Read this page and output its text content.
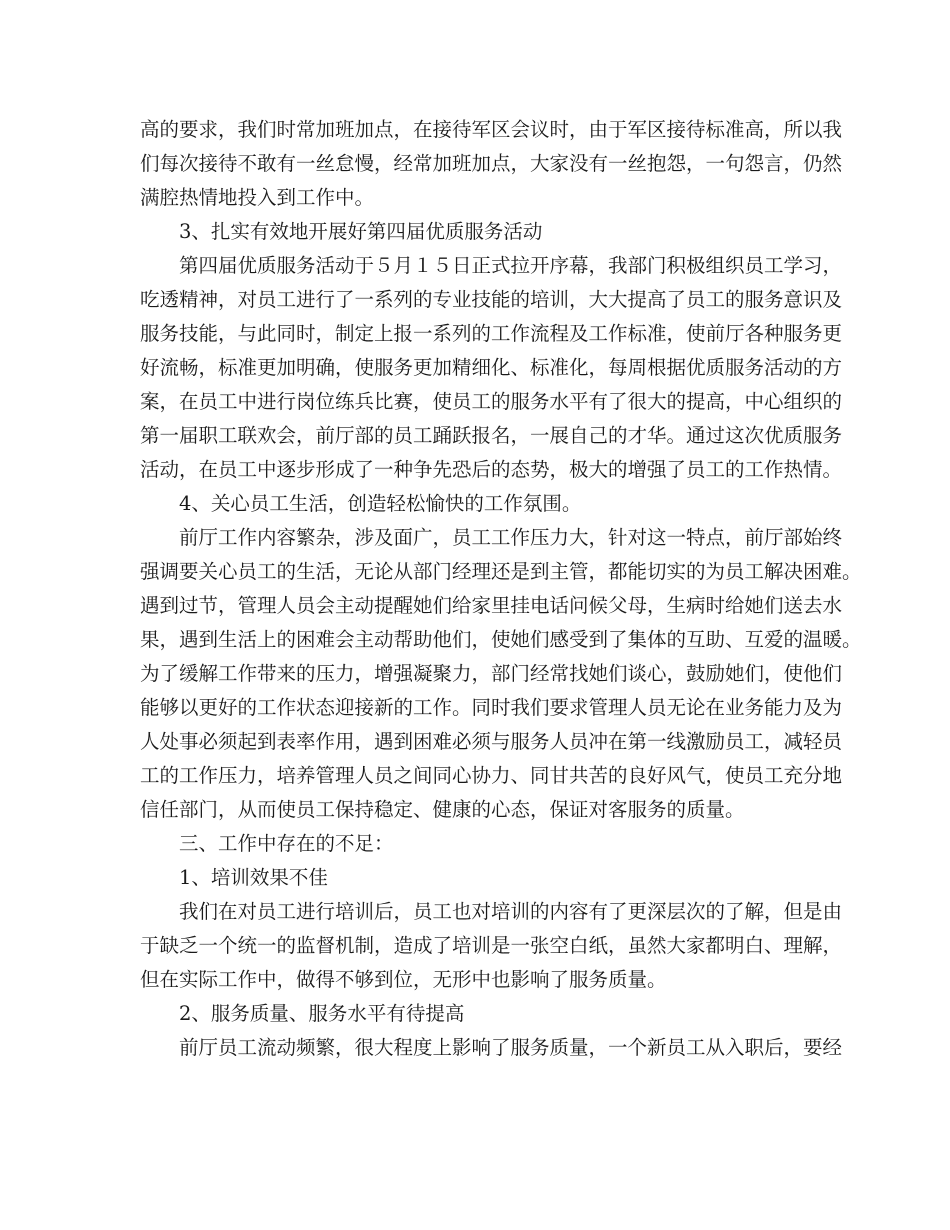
高的要求，我们时常加班加点，在接待军区会议时，由于军区接待标准高，所以我
们每次接待不敢有一丝怠慢，经常加班加点，大家没有一丝抱怨，一句怨言，仍然
满腔热情地投入到工作中。

3、扎实有效地开展好第四届优质服务活动

第四届优质服务活动于５月１５日正式拉开序幕，我部门积极组织员工学习，
吃透精神，对员工进行了一系列的专业技能的培训，大大提高了员工的服务意识及
服务技能，与此同时，制定上报一系列的工作流程及工作标准，使前厅各种服务更
好流畅，标准更加明确，使服务更加精细化、标准化，每周根据优质服务活动的方
案，在员工中进行岗位练兵比赛，使员工的服务水平有了很大的提高，中心组织的
第一届职工联欢会，前厅部的员工踊跃报名，一展自己的才华。通过这次优质服务
活动，在员工中逐步形成了一种争先恐后的态势，极大的增强了员工的工作热情。

4、关心员工生活，创造轻松愉快的工作氛围。

前厅工作内容繁杂，涉及面广，员工工作压力大，针对这一特点，前厅部始终
强调要关心员工的生活，无论从部门经理还是到主管，都能切实的为员工解决困难。
遇到过节，管理人员会主动提醒她们给家里挂电话问候父母，生病时给她们送去水
果，遇到生活上的困难会主动帮助他们，使她们感受到了集体的互助、互爱的温暖。
为了缓解工作带来的压力，增强凝聚力，部门经常找她们谈心，鼓励她们，使他们
能够以更好的工作状态迎接新的工作。同时我们要求管理人员无论在业务能力及为
人处事必须起到表率作用，遇到困难必须与服务人员冲在第一线激励员工，减轻员
工的工作压力，培养管理人员之间同心协力、同甘共苦的良好风气，使员工充分地
信任部门，从而使员工保持稳定、健康的心态，保证对客服务的质量。

三、工作中存在的不足：

1、培训效果不佳

我们在对员工进行培训后，员工也对培训的内容有了更深层次的了解，但是由
于缺乏一个统一的监督机制，造成了培训是一张空白纸，虽然大家都明白、理解，
但在实际工作中，做得不够到位，无形中也影响了服务质量。

2、服务质量、服务水平有待提高

前厅员工流动频繁，很大程度上影响了服务质量，一个新员工从入职后，要经
